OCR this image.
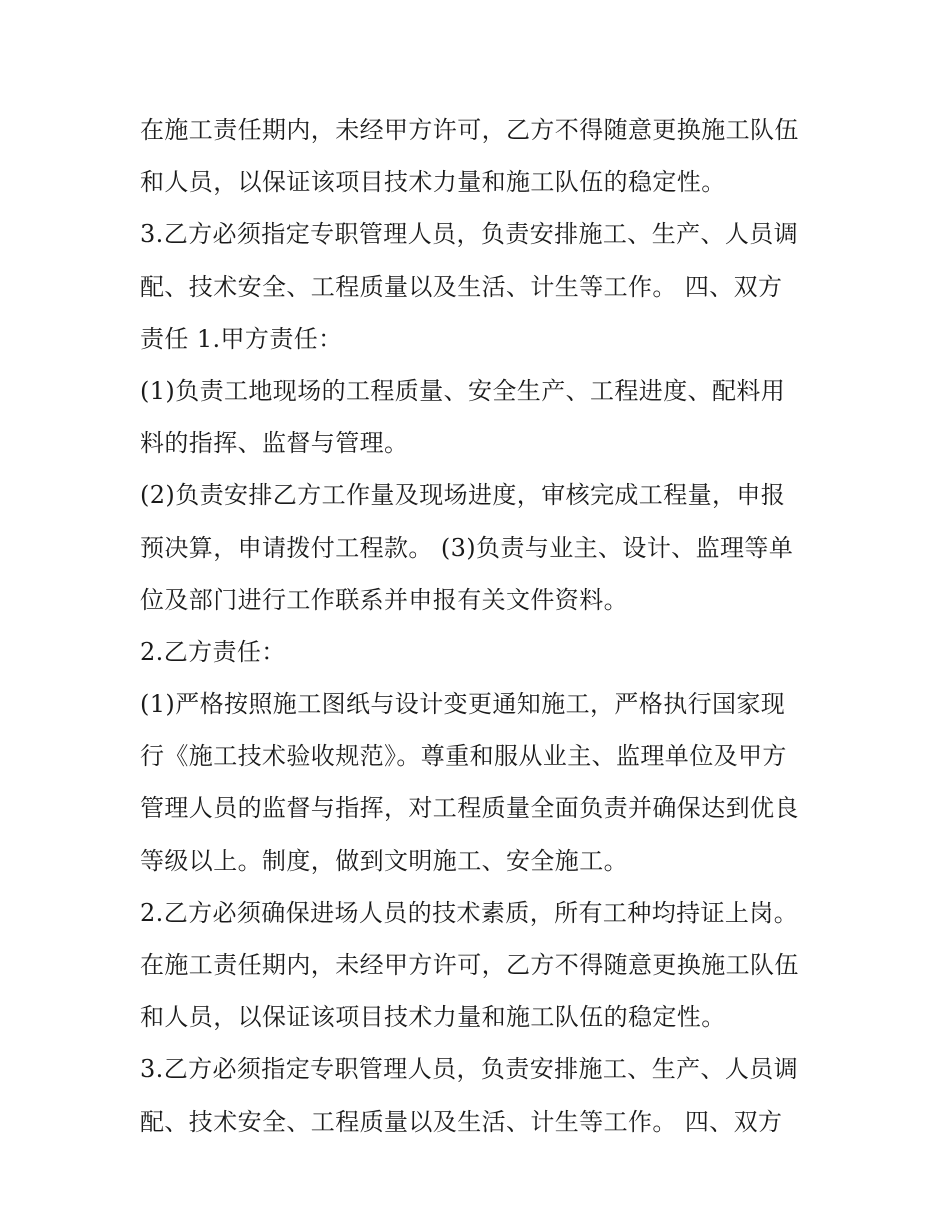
在施工责任期内，未经甲方许可，乙方不得随意更换施工队伍
和人员，以保证该项目技术力量和施工队伍的稳定性。
3.乙方必须指定专职管理人员，负责安排施工、生产、人员调
配、技术安全、工程质量以及生活、计生等工作。 四、双方
责任 1.甲方责任：
(1)负责工地现场的工程质量、安全生产、工程进度、配料用
料的指挥、监督与管理。
(2)负责安排乙方工作量及现场进度，审核完成工程量，申报
预决算，申请拨付工程款。 (3)负责与业主、设计、监理等单
位及部门进行工作联系并申报有关文件资料。
2.乙方责任：
(1)严格按照施工图纸与设计变更通知施工，严格执行国家现
行《施工技术验收规范》。尊重和服从业主、监理单位及甲方
管理人员的监督与指挥，对工程质量全面负责并确保达到优良
等级以上。制度，做到文明施工、安全施工。
2.乙方必须确保进场人员的技术素质，所有工种均持证上岗。
在施工责任期内，未经甲方许可，乙方不得随意更换施工队伍
和人员，以保证该项目技术力量和施工队伍的稳定性。
3.乙方必须指定专职管理人员，负责安排施工、生产、人员调
配、技术安全、工程质量以及生活、计生等工作。 四、双方
